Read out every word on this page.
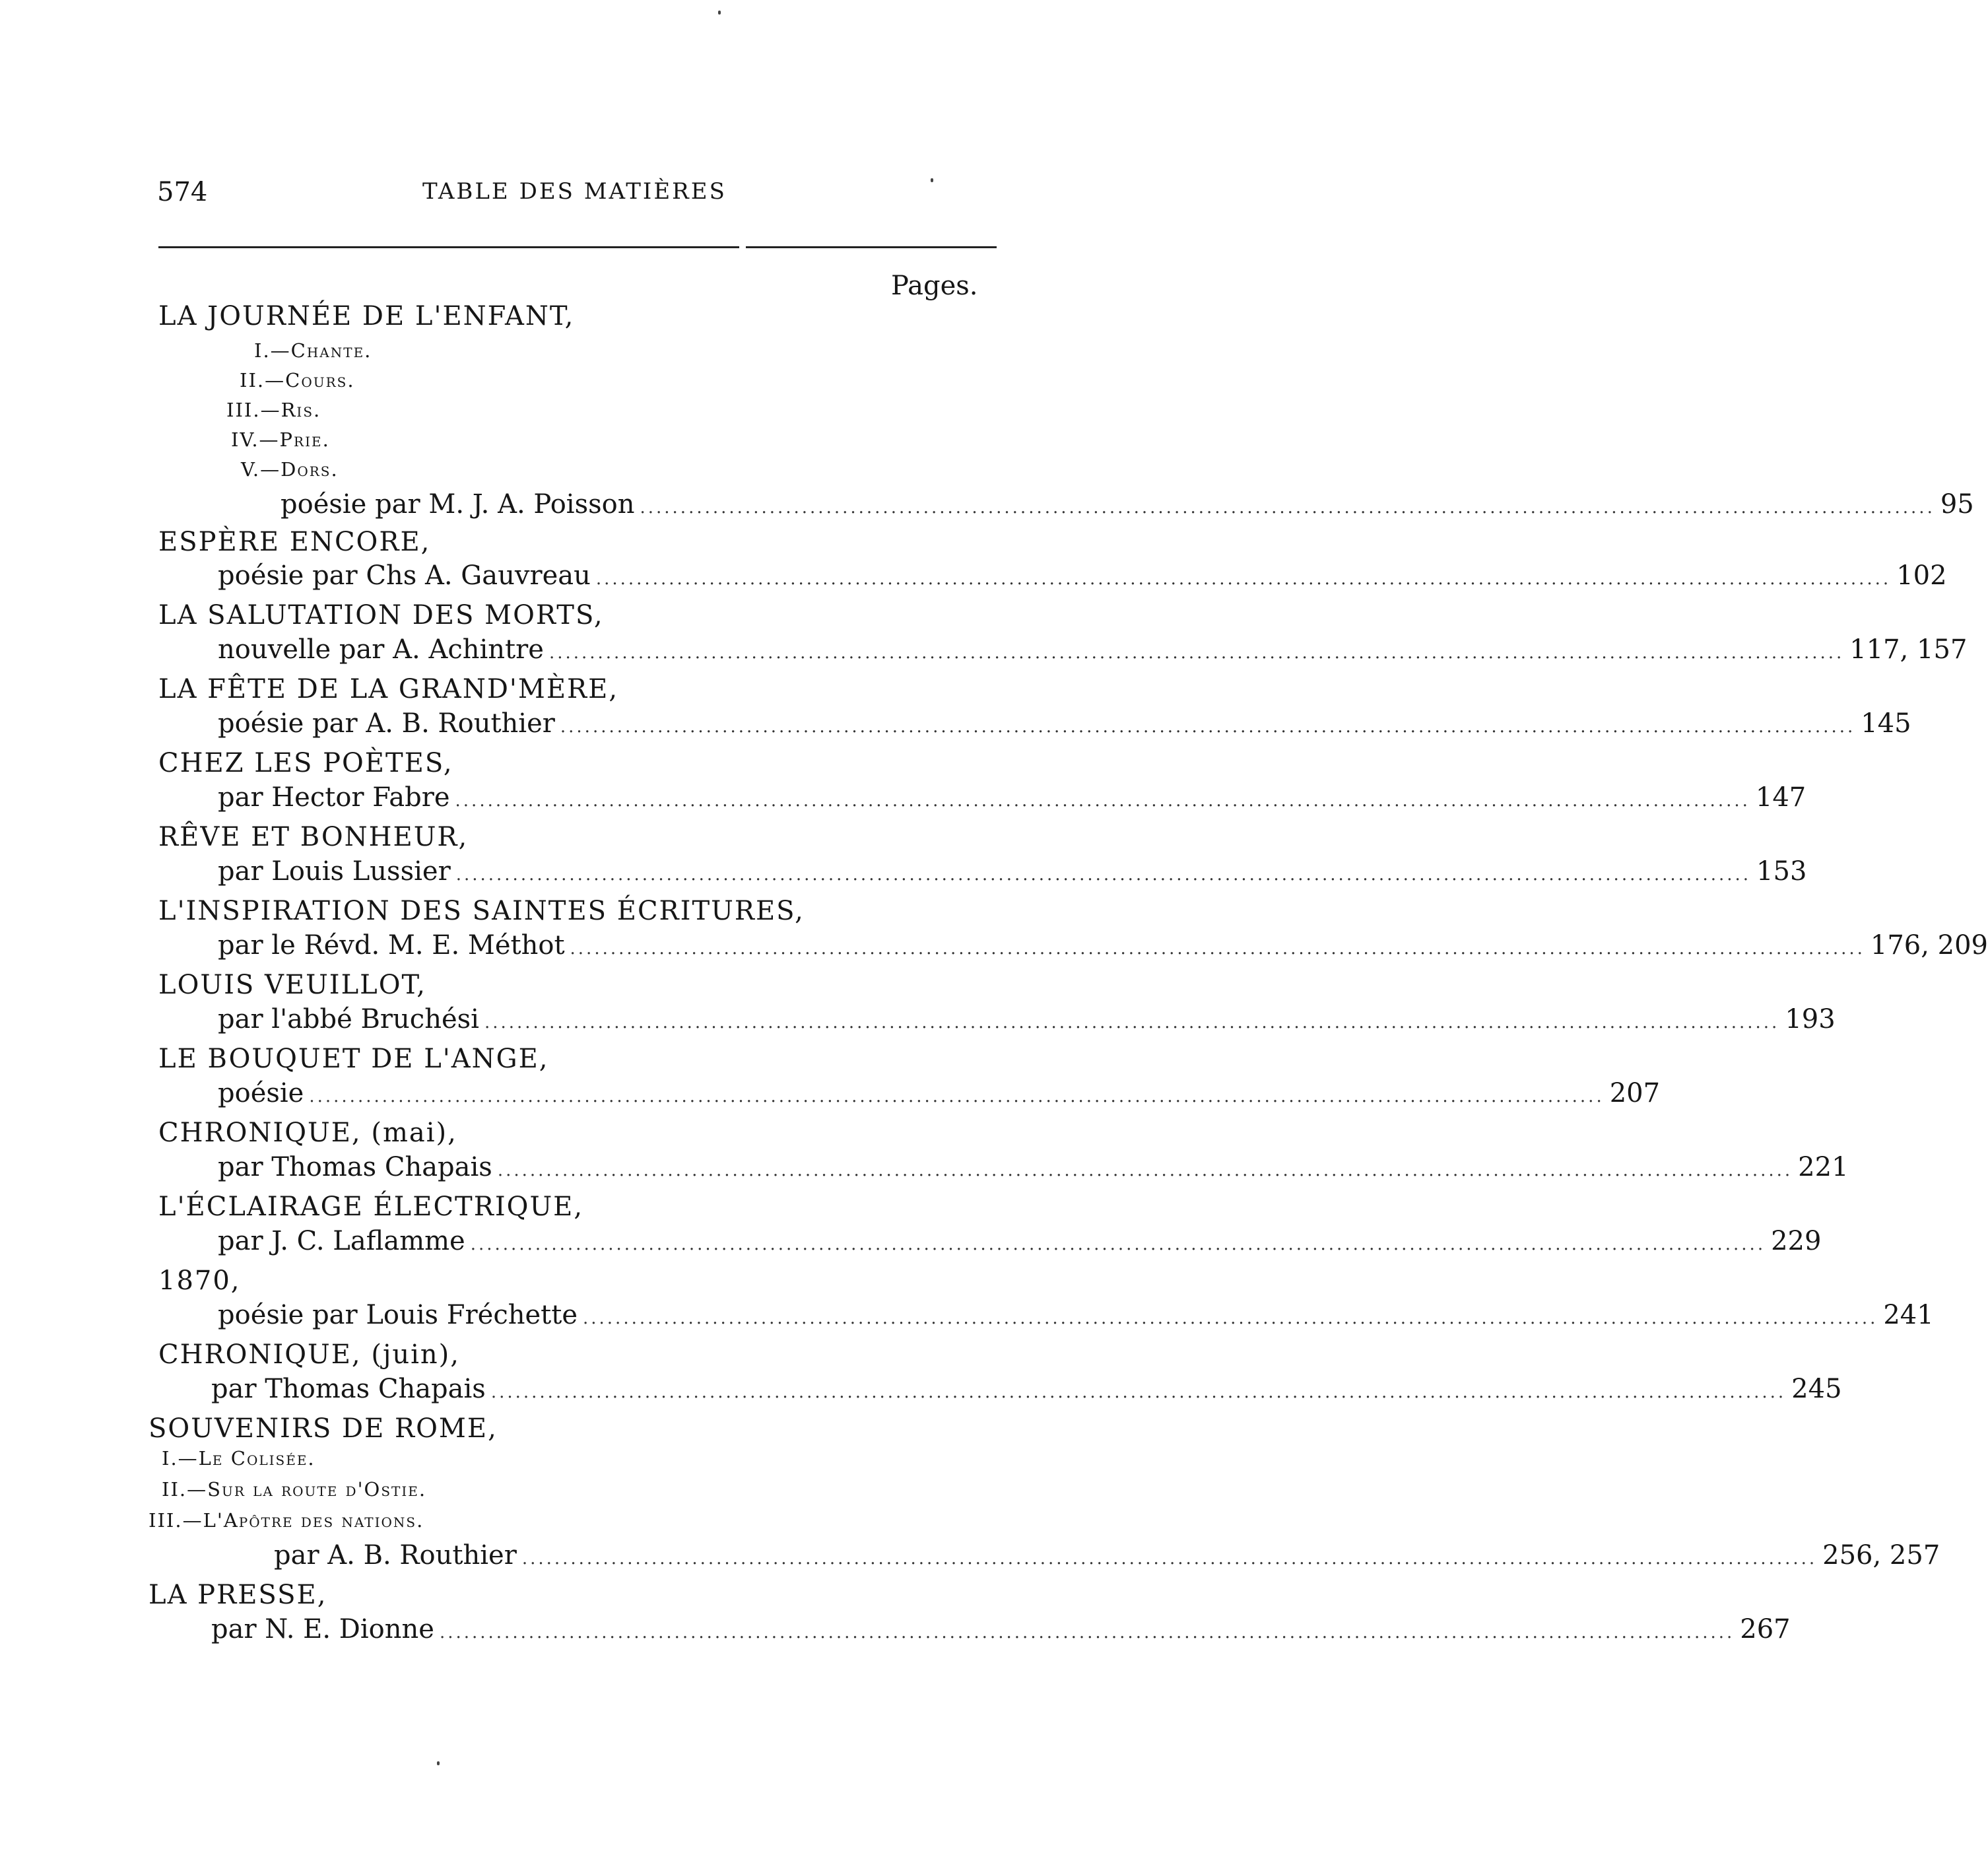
574	TABLE DES MATIÈRES
Pages.
LA JOURNÉE DE L'ENFANT,
I.—Chante.
II.—Cours.
III.—Ris.
IV.—Prie.
V.—Dors.
poésie par M. J. A. Poisson ................................................................................................................................................................ 95
ESPÈRE ENCORE,
poésie par Chs A. Gauvreau ................................................................................................................................................................ 102
LA SALUTATION DES MORTS,
nouvelle par A. Achintre ................................................................................................................................................................ 117, 157
LA FÊTE DE LA GRAND'MÈRE,
poésie par A. B. Routhier ................................................................................................................................................................ 145
CHEZ LES POÈTES,
par Hector Fabre ................................................................................................................................................................ 147
RÊVE ET BONHEUR,
par Louis Lussier ................................................................................................................................................................ 153
L'INSPIRATION DES SAINTES ÉCRITURES,
par le Révd. M. E. Méthot ................................................................................................................................................................ 176, 209
LOUIS VEUILLOT,
par l'abbé Bruchési ................................................................................................................................................................ 193
LE BOUQUET DE L'ANGE,
poésie ................................................................................................................................................................ 207
CHRONIQUE, (mai),
par Thomas Chapais ................................................................................................................................................................ 221
L'ÉCLAIRAGE ÉLECTRIQUE,
par J. C. Laflamme ................................................................................................................................................................ 229
1870,
poésie par Louis Fréchette ................................................................................................................................................................ 241
CHRONIQUE, (juin),
par Thomas Chapais ................................................................................................................................................................ 245
SOUVENIRS DE ROME,
I.—Le Colisée.
II.—Sur la route d'Ostie.
III.—L'Apôtre des nations.
par A. B. Routhier ................................................................................................................................................................ 256, 257
LA PRESSE,
par N. E. Dionne ................................................................................................................................................................ 267
